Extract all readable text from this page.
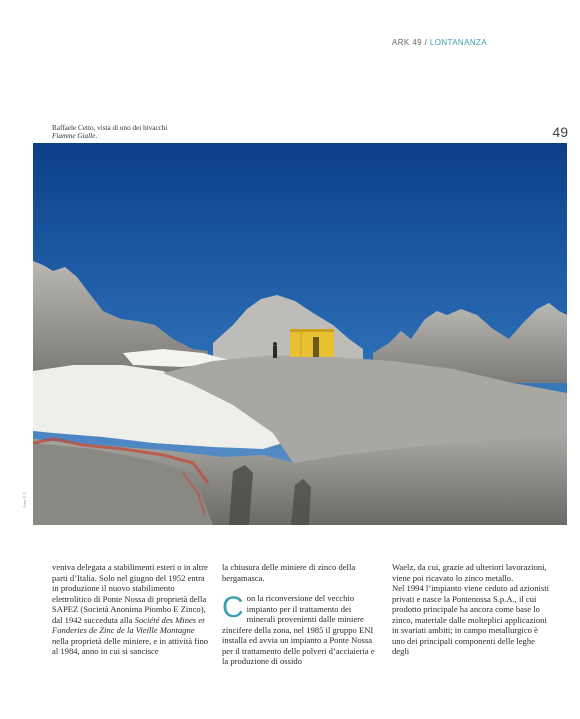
ARK 49 / LONTANANZA
Raffaele Cetto, vista di uno dei bivacchi Fiamme Gialle.	49
Foto © ©

veniva delegata a stabilimenti esteri o in altre parti d’Italia. Solo nel giugno del 1952 entra in produzione il nuovo stabilimento elettrolitico di Ponte Nossa di proprietà della SAPEZ (Società Anonima Piombo E Zinco), dal 1942 succeduta alla Société des Mines et Fonderies de Zinc de la Vieille Montagne nella proprietà delle miniere, e in attività fino al 1984, anno in cui si sancisce

la chiusura delle miniere di zinco della bergamasca.

Con la riconversione del vecchio impianto per il trattamento dei minerali provenienti dalle miniere zincifere della zona, nel 1985 il gruppo ENI installa ed avvia un impianto a Ponte Nossa per il trattamento delle polveri d’acciaieria e la produzione di ossido

Waelz, da cui, grazie ad ulteriori lavorazioni, viene poi ricavato lo zinco metallo.

Nel 1994 l’impianto viene ceduto ad azionisti privati e nasce la Pontenossa S.p.A., il cui prodotto principale ha ancora come base lo zinco, materiale dalle molteplici applicazioni in svariati ambiti; in campo metallurgico è uno dei principali componenti delle leghe degli
